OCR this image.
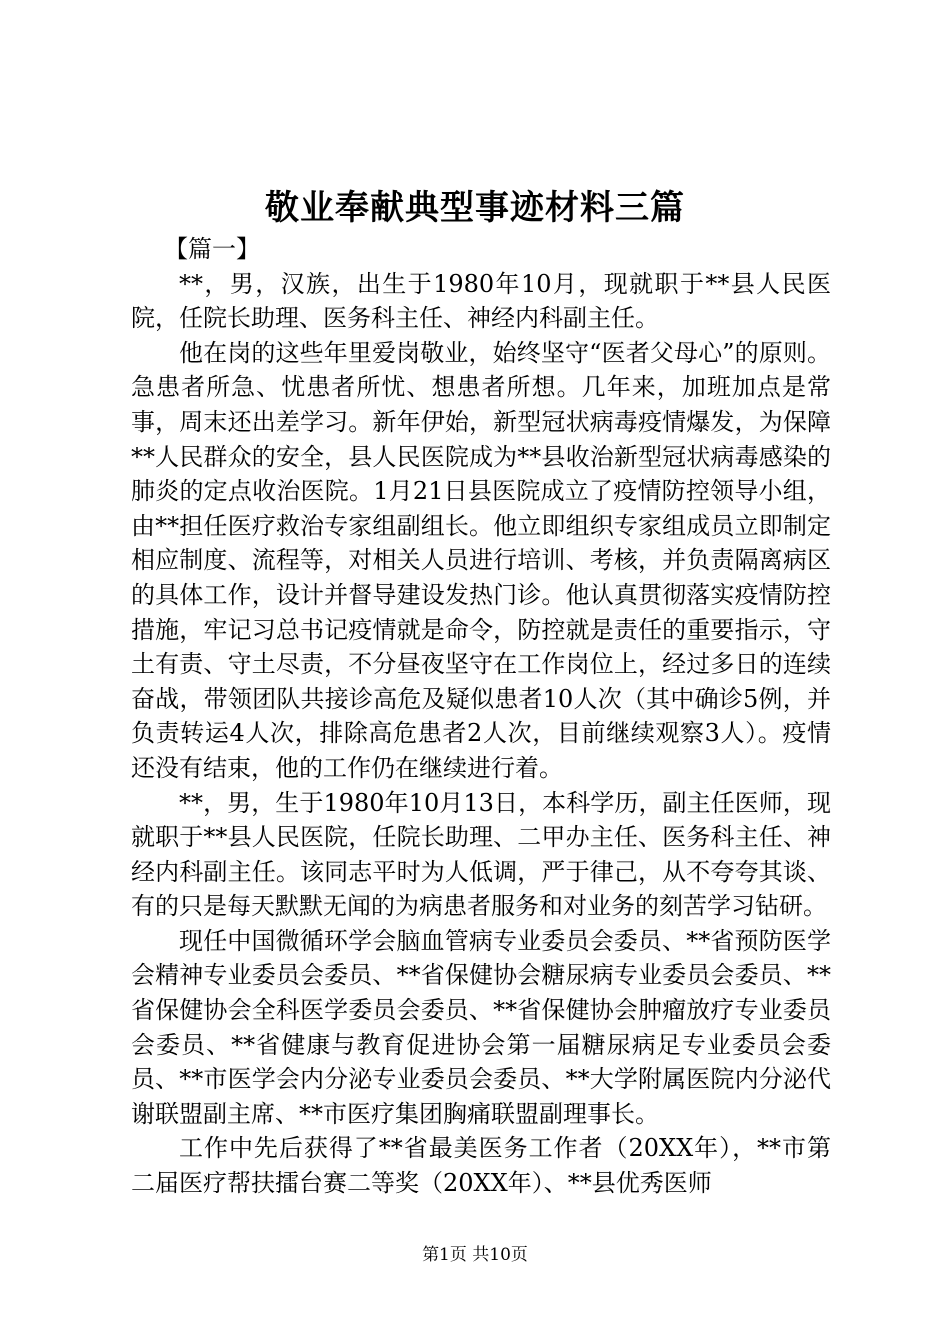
敬业奉献典型事迹材料三篇
【篇一】

**，男，汉族，出生于1980年10月，现就职于**县人民医院，任院长助理、医务科主任、神经内科副主任。

他在岗的这些年里爱岗敬业，始终坚守“医者父母心”的原则。急患者所急、忧患者所忧、想患者所想。几年来，加班加点是常事，周末还出差学习。新年伊始，新型冠状病毒疫情爆发，为保障**人民群众的安全，县人民医院成为**县收治新型冠状病毒感染的肺炎的定点收治医院。1月21日县医院成立了疫情防控领导小组，由**担任医疗救治专家组副组长。他立即组织专家组成员立即制定相应制度、流程等，对相关人员进行培训、考核，并负责隔离病区的具体工作，设计并督导建设发热门诊。他认真贯彻落实疫情防控措施，牢记习总书记疫情就是命令，防控就是责任的重要指示，守土有责、守土尽责，不分昼夜坚守在工作岗位上，经过多日的连续奋战，带领团队共接诊高危及疑似患者10人次（其中确诊5例，并负责转运4人次，排除高危患者2人次，目前继续观察3人）。疫情还没有结束，他的工作仍在继续进行着。

**，男，生于1980年10月13日，本科学历，副主任医师，现就职于**县人民医院，任院长助理、二甲办主任、医务科主任、神经内科副主任。该同志平时为人低调，严于律己，从不夸夸其谈、有的只是每天默默无闻的为病患者服务和对业务的刻苦学习钻研。

现任中国微循环学会脑血管病专业委员会委员、**省预防医学会精神专业委员会委员、**省保健协会糖尿病专业委员会委员、**省保健协会全科医学委员会委员、**省保健协会肿瘤放疗专业委员会委员、**省健康与教育促进协会第一届糖尿病足专业委员会委员、**市医学会内分泌专业委员会委员、**大学附属医院内分泌代谢联盟副主席、**市医疗集团胸痛联盟副理事长。

工作中先后获得了**省最美医务工作者（20XX年），**市第二届医疗帮扶擂台赛二等奖（20XX年）、**县优秀医师

第1页 共10页
